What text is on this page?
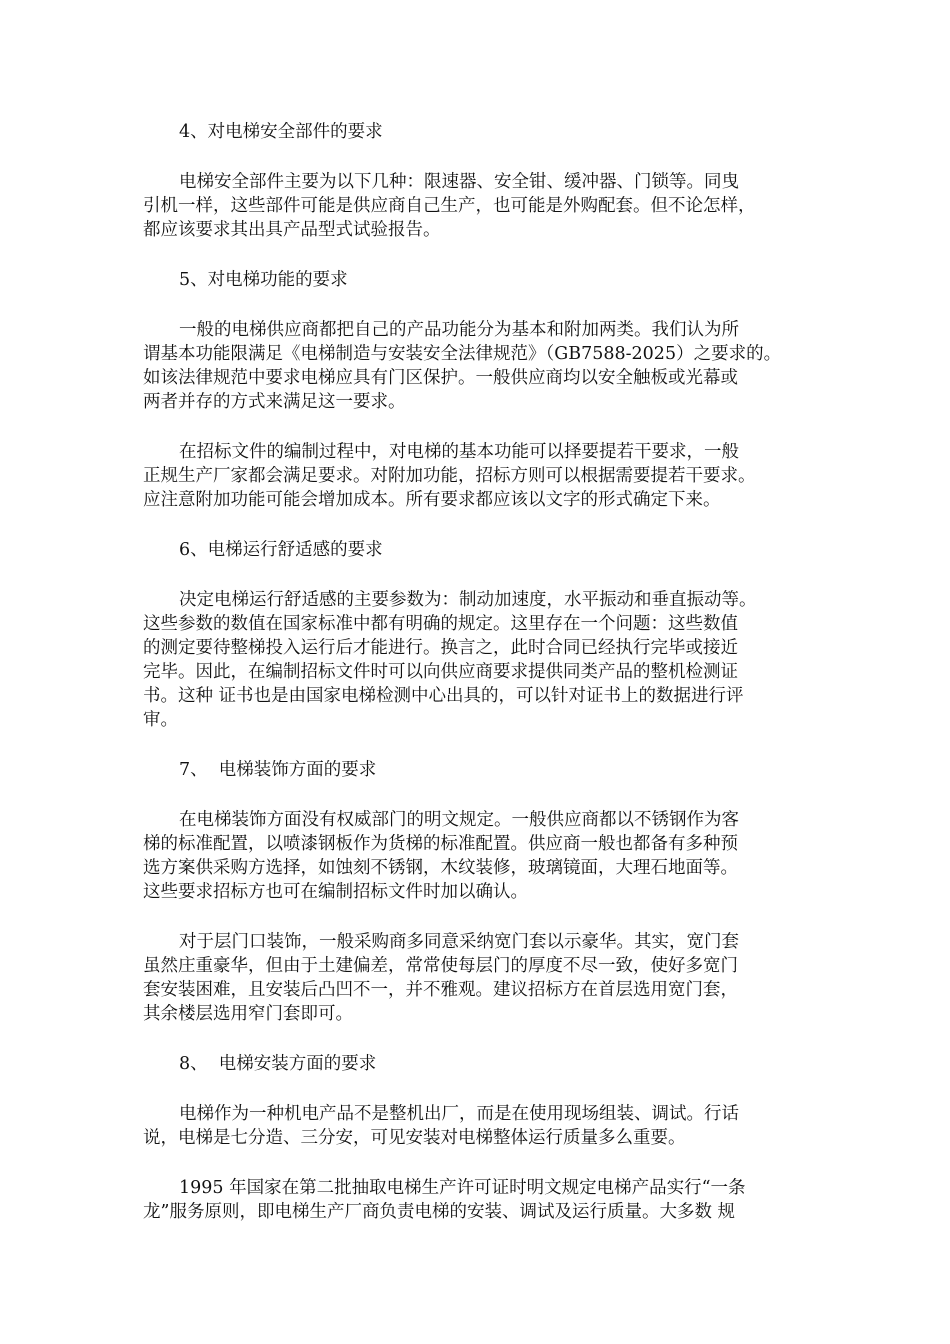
4、对电梯安全部件的要求
电梯安全部件主要为以下几种：限速器、安全钳、缓冲器、门锁等。同曳
引机一样，这些部件可能是供应商自己生产，也可能是外购配套。但不论怎样，
都应该要求其出具产品型式试验报告。
5、对电梯功能的要求
一般的电梯供应商都把自己的产品功能分为基本和附加两类。我们认为所
谓基本功能限满足《电梯制造与安装安全法律规范》（GB7588-2025）之要求的。
如该法律规范中要求电梯应具有门区保护。一般供应商均以安全触板或光幕或
两者并存的方式来满足这一要求。
在招标文件的编制过程中，对电梯的基本功能可以择要提若干要求，一般
正规生产厂家都会满足要求。对附加功能，招标方则可以根据需要提若干要求。
应注意附加功能可能会增加成本。所有要求都应该以文字的形式确定下来。
6、电梯运行舒适感的要求
决定电梯运行舒适感的主要参数为：制动加速度，水平振动和垂直振动等。
这些参数的数值在国家标准中都有明确的规定。这里存在一个问题：这些数值
的测定要待整梯投入运行后才能进行。换言之，此时合同已经执行完毕或接近
完毕。因此，在编制招标文件时可以向供应商要求提供同类产品的整机检测证
书。这种 证书也是由国家电梯检测中心出具的，可以针对证书上的数据进行评
审。
7、  电梯装饰方面的要求
在电梯装饰方面没有权威部门的明文规定。一般供应商都以不锈钢作为客
梯的标准配置，以喷漆钢板作为货梯的标准配置。供应商一般也都备有多种预
选方案供采购方选择，如蚀刻不锈钢，木纹装修，玻璃镜面，大理石地面等。
这些要求招标方也可在编制招标文件时加以确认。
对于层门口装饰，一般采购商多同意采纳宽门套以示豪华。其实，宽门套
虽然庄重豪华，但由于土建偏差，常常使每层门的厚度不尽一致，使好多宽门
套安装困难，且安装后凸凹不一，并不雅观。建议招标方在首层选用宽门套，
其余楼层选用窄门套即可。
8、  电梯安装方面的要求
电梯作为一种机电产品不是整机出厂，而是在使用现场组装、调试。行话
说，电梯是七分造、三分安，可见安装对电梯整体运行质量多么重要。
1995 年国家在第二批抽取电梯生产许可证时明文规定电梯产品实行“一条
龙”服务原则，即电梯生产厂商负责电梯的安装、调试及运行质量。大多数 规
